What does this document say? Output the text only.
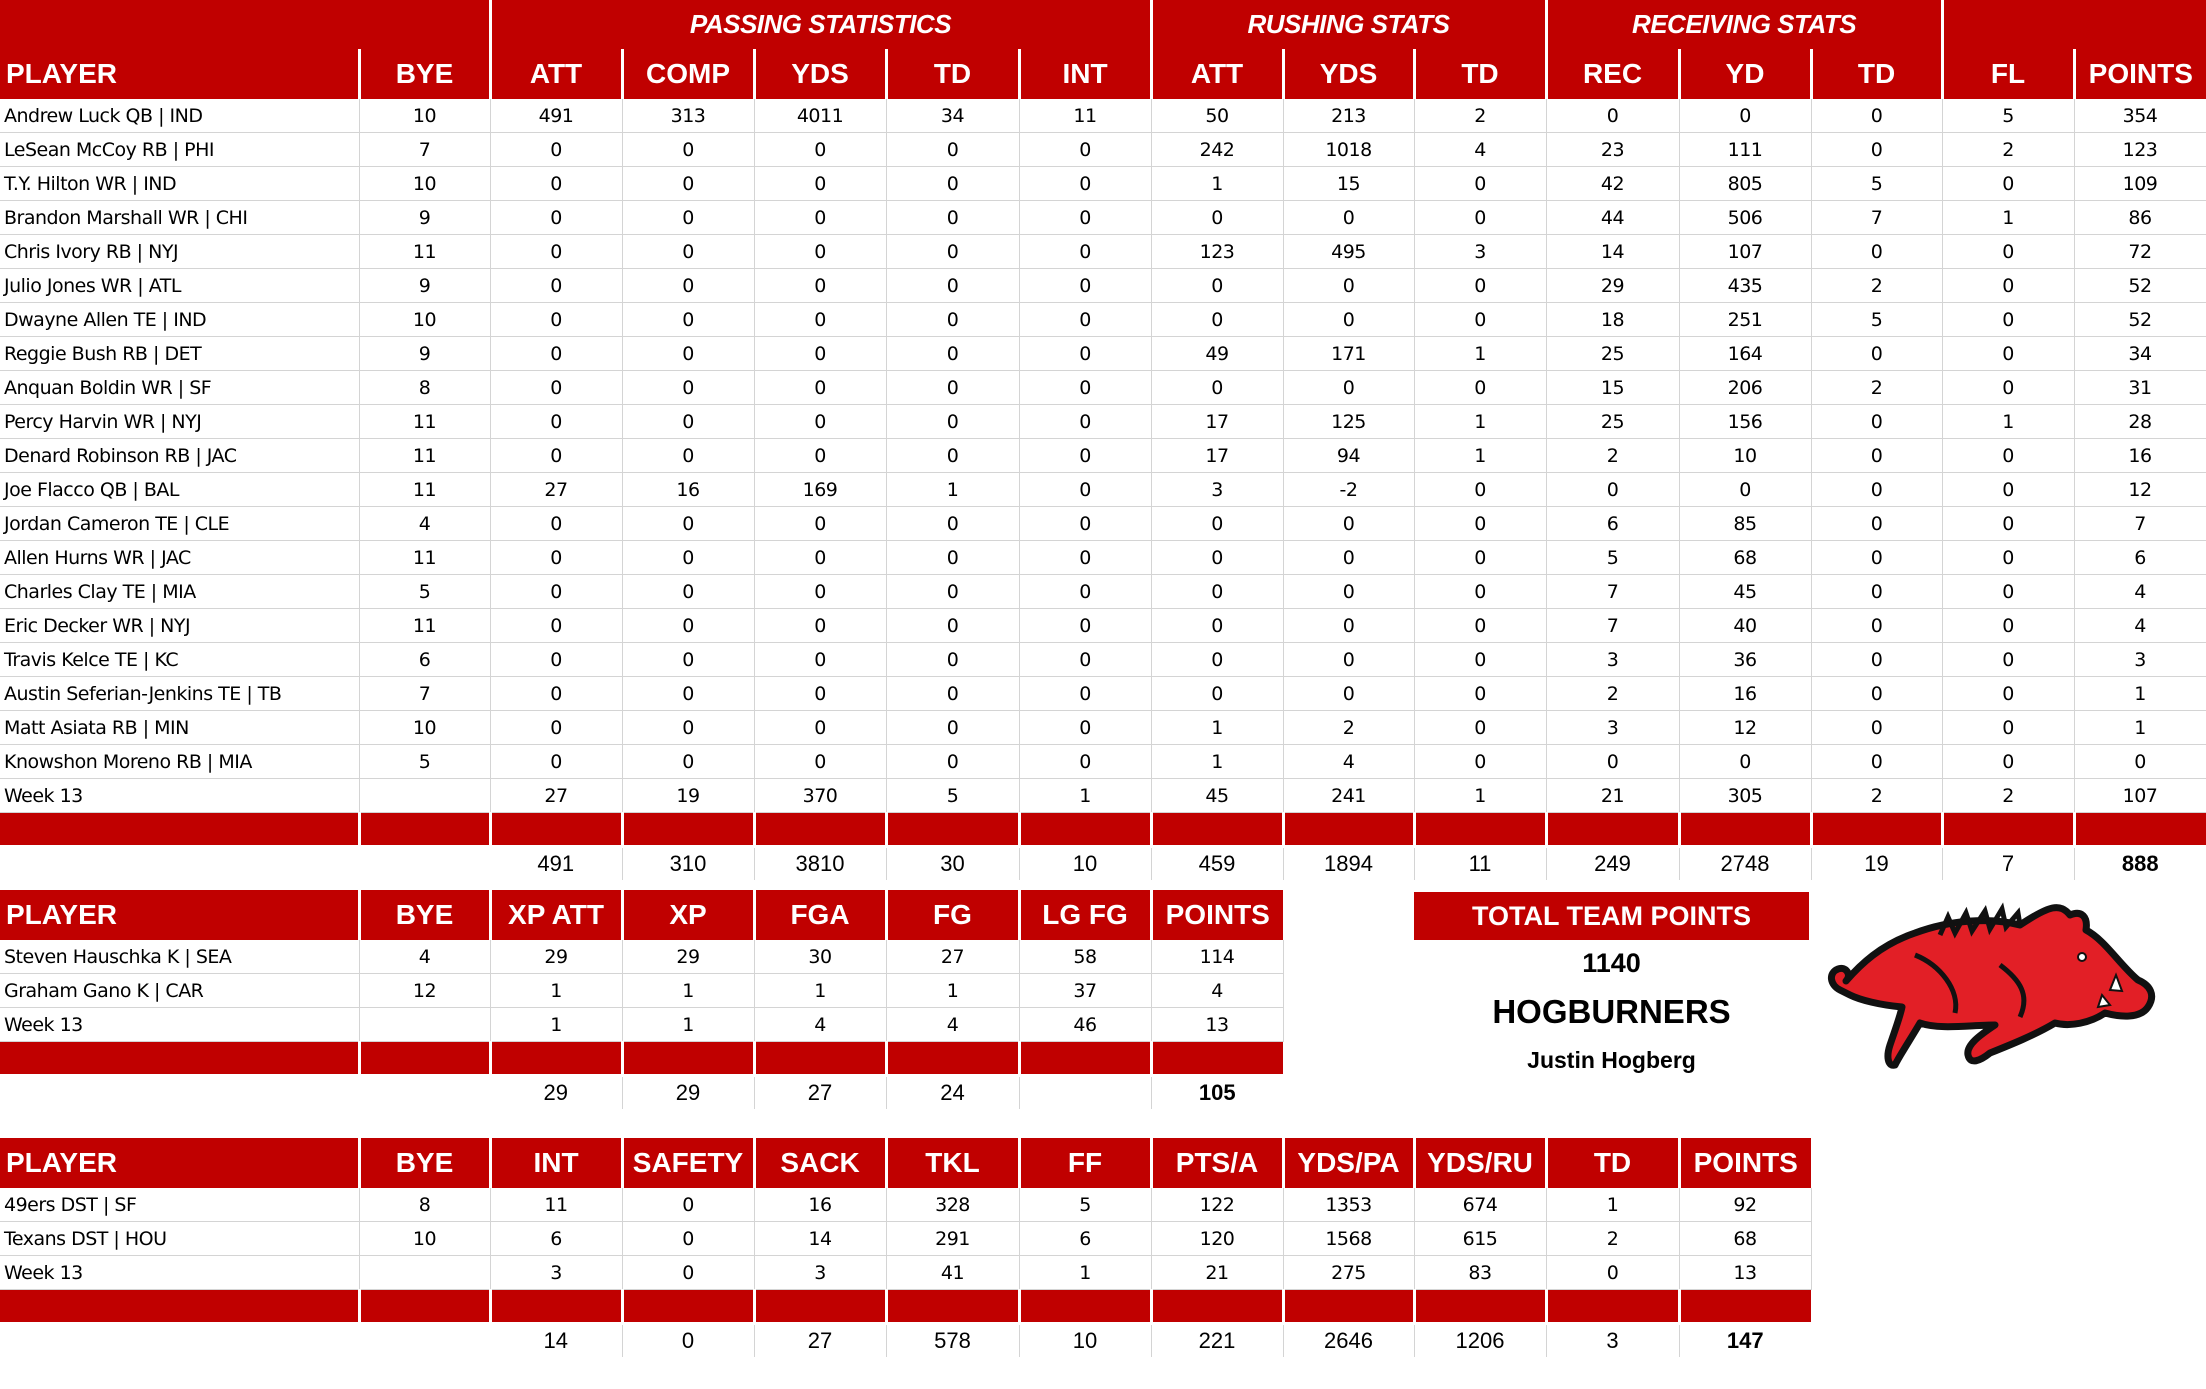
		PASSING STATISTICS					RUSHING STATS			RECEIVING STATS				
PLAYER	BYE	ATT	COMP	YDS	TD	INT	ATT	YDS	TD	REC	YD	TD	FL	POINTS
Andrew Luck QB | IND	10	491	313	4011	34	11	50	213	2	0	0	0	5	354
LeSean McCoy RB | PHI	7	0	0	0	0	0	242	1018	4	23	111	0	2	123
T.Y. Hilton WR | IND	10	0	0	0	0	0	1	15	0	42	805	5	0	109
Brandon Marshall WR | CHI	9	0	0	0	0	0	0	0	0	44	506	7	1	86
Chris Ivory RB | NYJ	11	0	0	0	0	0	123	495	3	14	107	0	0	72
Julio Jones WR | ATL	9	0	0	0	0	0	0	0	0	29	435	2	0	52
Dwayne Allen TE | IND	10	0	0	0	0	0	0	0	0	18	251	5	0	52
Reggie Bush RB | DET	9	0	0	0	0	0	49	171	1	25	164	0	0	34
Anquan Boldin WR | SF	8	0	0	0	0	0	0	0	0	15	206	2	0	31
Percy Harvin WR | NYJ	11	0	0	0	0	0	17	125	1	25	156	0	1	28
Denard Robinson RB | JAC	11	0	0	0	0	0	17	94	1	2	10	0	0	16
Joe Flacco QB | BAL	11	27	16	169	1	0	3	-2	0	0	0	0	0	12
Jordan Cameron TE | CLE	4	0	0	0	0	0	0	0	0	6	85	0	0	7
Allen Hurns WR | JAC	11	0	0	0	0	0	0	0	0	5	68	0	0	6
Charles Clay TE | MIA	5	0	0	0	0	0	0	0	0	7	45	0	0	4
Eric Decker WR | NYJ	11	0	0	0	0	0	0	0	0	7	40	0	0	4
Travis Kelce TE | KC	6	0	0	0	0	0	0	0	0	3	36	0	0	3
Austin Seferian-Jenkins TE | TB	7	0	0	0	0	0	0	0	0	2	16	0	0	1
Matt Asiata RB | MIN	10	0	0	0	0	0	1	2	0	3	12	0	0	1
Knowshon Moreno RB | MIA	5	0	0	0	0	0	1	4	0	0	0	0	0	0
Week 13		27	19	370	5	1	45	241	1	21	305	2	2	107

		491	310	3810	30	10	459	1894	11	249	2748	19	7	888
PLAYER	BYE	XP ATT	XP	FGA	FG	LG FG	POINTS
Steven Hauschka K | SEA	4	29	29	30	27	58	114
Graham Gano K | CAR	12	1	1	1	1	37	4
Week 13		1	1	4	4	46	13

		29	29	27	24		105
PLAYER	BYE	INT	SAFETY	SACK	TKL	FF	PTS/A	YDS/PA	YDS/RU	TD	POINTS
49ers DST | SF	8	11	0	16	328	5	122	1353	674	1	92
Texans DST | HOU	10	6	0	14	291	6	120	1568	615	2	68
Week 13		3	0	3	41	1	21	275	83	0	13

		14	0	27	578	10	221	2646	1206	3	147
TOTAL TEAM POINTS
1140
HOGBURNERS
Justin Hogberg
